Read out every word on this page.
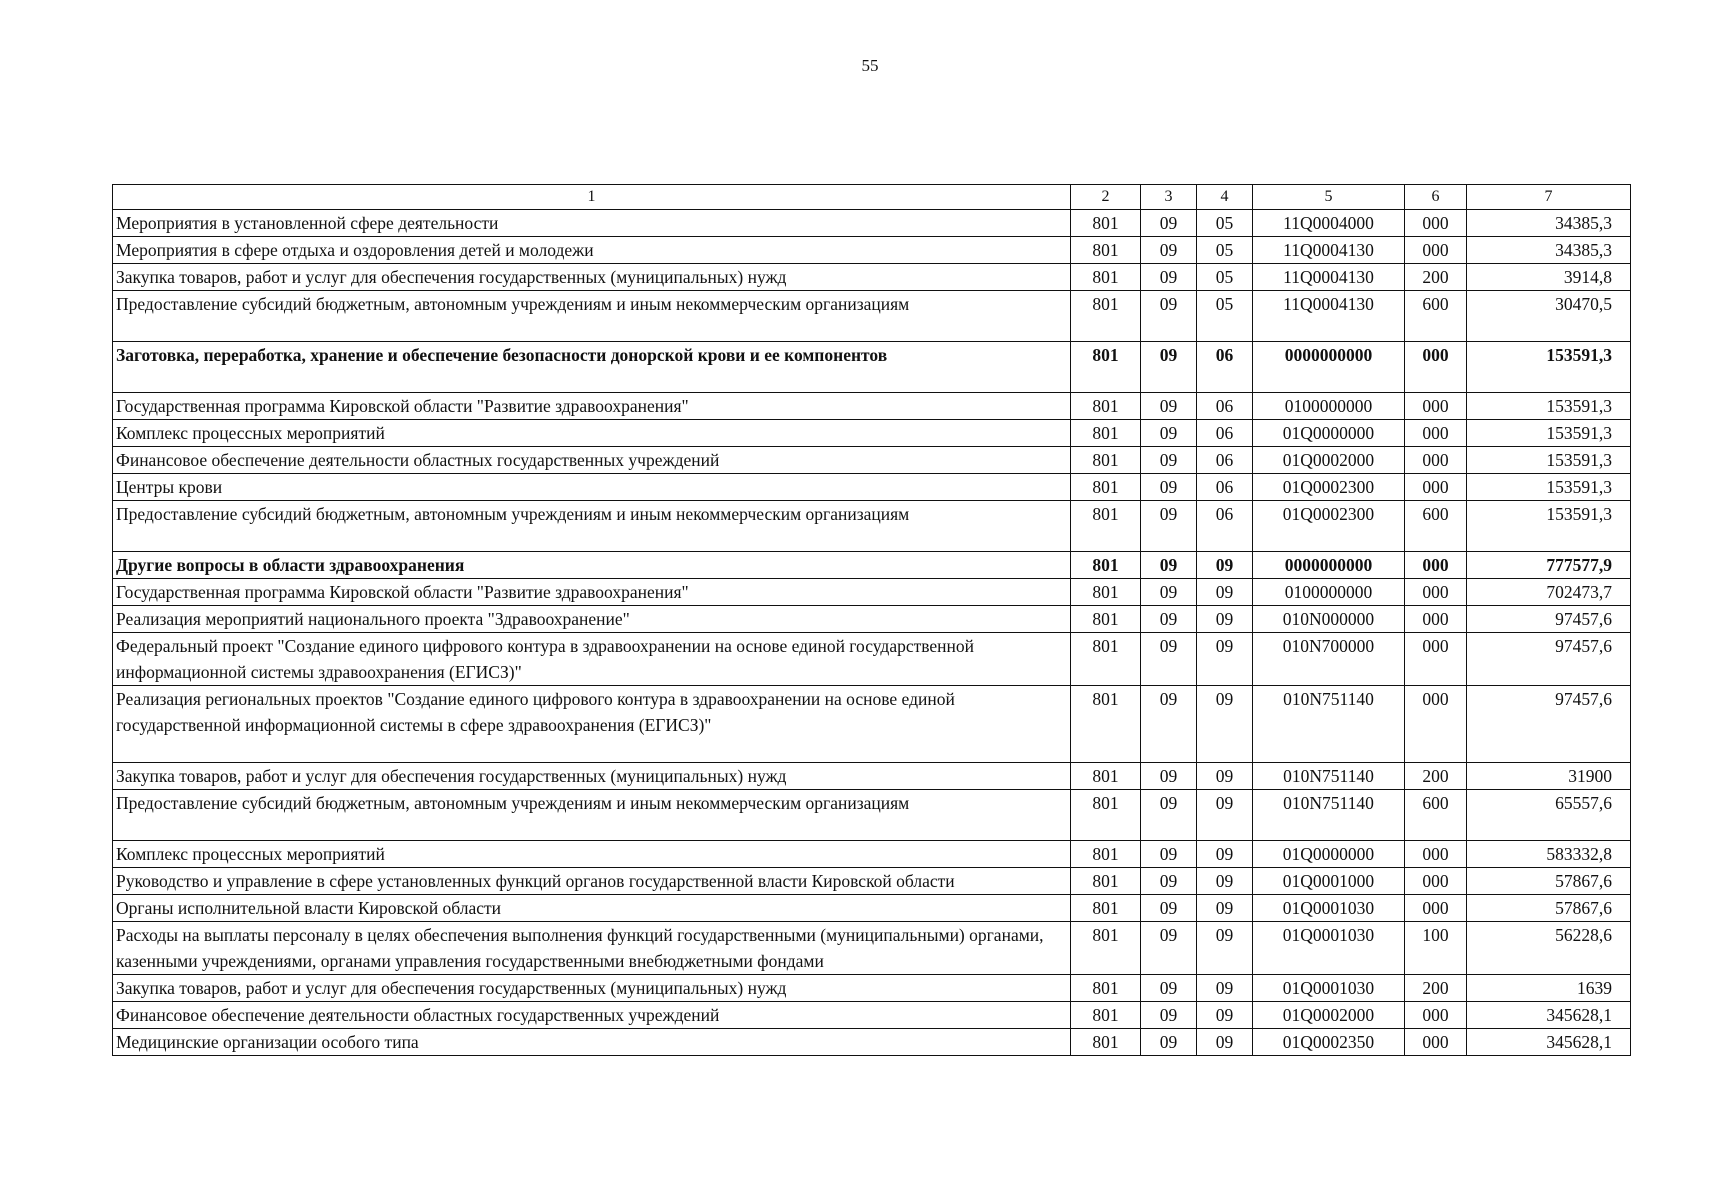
55
1	2	3	4	5	6	7
Мероприятия в установленной сфере деятельности	801	09	05	11Q0004000	000	34385,3
Мероприятия в сфере отдыха и оздоровления детей и молодежи	801	09	05	11Q0004130	000	34385,3
Закупка товаров, работ и услуг для обеспечения государственных (муниципальных) нужд	801	09	05	11Q0004130	200	3914,8
Предоставление субсидий бюджетным, автономным учреждениям и иным некоммерческим организациям	801	09	05	11Q0004130	600	30470,5
Заготовка, переработка, хранение и обеспечение безопасности донорской крови и ее компонентов	801	09	06	0000000000	000	153591,3
Государственная программа Кировской области "Развитие здравоохранения"	801	09	06	0100000000	000	153591,3
Комплекс процессных мероприятий	801	09	06	01Q0000000	000	153591,3
Финансовое обеспечение деятельности областных государственных учреждений	801	09	06	01Q0002000	000	153591,3
Центры крови	801	09	06	01Q0002300	000	153591,3
Предоставление субсидий бюджетным, автономным учреждениям и иным некоммерческим организациям	801	09	06	01Q0002300	600	153591,3
Другие вопросы в области здравоохранения	801	09	09	0000000000	000	777577,9
Государственная программа Кировской области "Развитие здравоохранения"	801	09	09	0100000000	000	702473,7
Реализация мероприятий национального проекта "Здравоохранение"	801	09	09	010N000000	000	97457,6
Федеральный проект "Создание единого цифрового контура в здравоохранении на основе единой государственной информационной системы здравоохранения (ЕГИСЗ)"	801	09	09	010N700000	000	97457,6
Реализация региональных проектов "Создание единого цифрового контура в здравоохранении на основе единой государственной информационной системы в сфере здравоохранения (ЕГИСЗ)"	801	09	09	010N751140	000	97457,6
Закупка товаров, работ и услуг для обеспечения государственных (муниципальных) нужд	801	09	09	010N751140	200	31900
Предоставление субсидий бюджетным, автономным учреждениям и иным некоммерческим организациям	801	09	09	010N751140	600	65557,6
Комплекс процессных мероприятий	801	09	09	01Q0000000	000	583332,8
Руководство и управление в сфере установленных функций органов государственной власти Кировской области	801	09	09	01Q0001000	000	57867,6
Органы исполнительной власти Кировской области	801	09	09	01Q0001030	000	57867,6
Расходы на выплаты персоналу в целях обеспечения выполнения функций государственными (муниципальными) органами, казенными учреждениями, органами управления государственными внебюджетными фондами	801	09	09	01Q0001030	100	56228,6
Закупка товаров, работ и услуг для обеспечения государственных (муниципальных) нужд	801	09	09	01Q0001030	200	1639
Финансовое обеспечение деятельности областных государственных учреждений	801	09	09	01Q0002000	000	345628,1
Медицинские организации особого типа	801	09	09	01Q0002350	000	345628,1
